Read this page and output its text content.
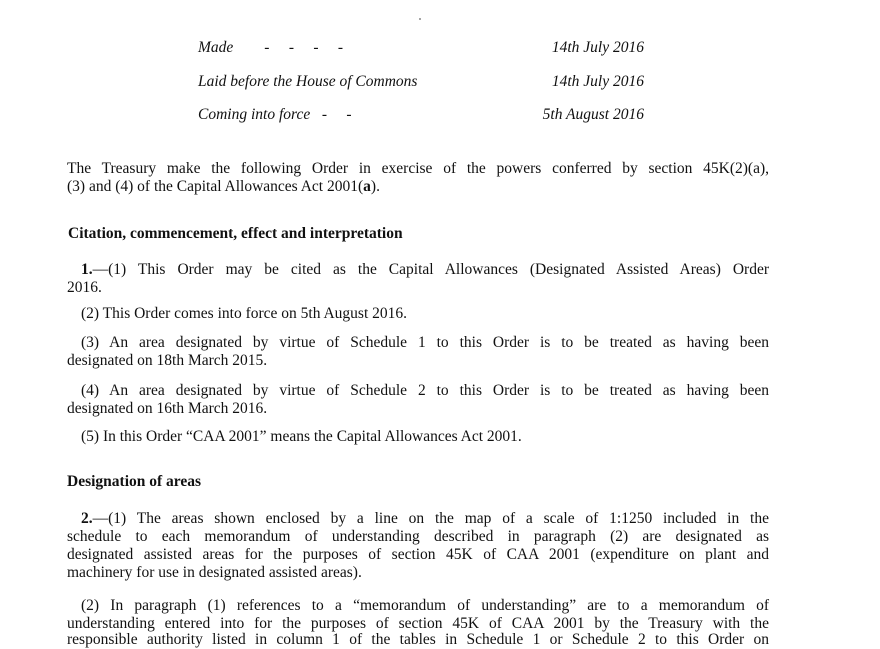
Made        -     -     -     -	14th July 2016
Laid before the House of Commons	14th July 2016
Coming into force   -     -	5th August 2016
The Treasury make the following Order in exercise of the powers conferred by section 45K(2)(a),
(3) and (4) of the Capital Allowances Act 2001(a).
Citation, commencement, effect and interpretation
1.—(1) This Order may be cited as the Capital Allowances (Designated Assisted Areas) Order
2016.
(2) This Order comes into force on 5th August 2016.
(3) An area designated by virtue of Schedule 1 to this Order is to be treated as having been
designated on 18th March 2015.
(4) An area designated by virtue of Schedule 2 to this Order is to be treated as having been
designated on 16th March 2016.
(5) In this Order “CAA 2001” means the Capital Allowances Act 2001.
Designation of areas
2.—(1) The areas shown enclosed by a line on the map of a scale of 1:1250 included in the
schedule to each memorandum of understanding described in paragraph (2) are designated as
designated assisted areas for the purposes of section 45K of CAA 2001 (expenditure on plant and
machinery for use in designated assisted areas).
(2) In paragraph (1) references to a “memorandum of understanding” are to a memorandum of
understanding entered into for the purposes of section 45K of CAA 2001 by the Treasury with the
responsible authority listed in column 1 of the tables in Schedule 1 or Schedule 2 to this Order on
